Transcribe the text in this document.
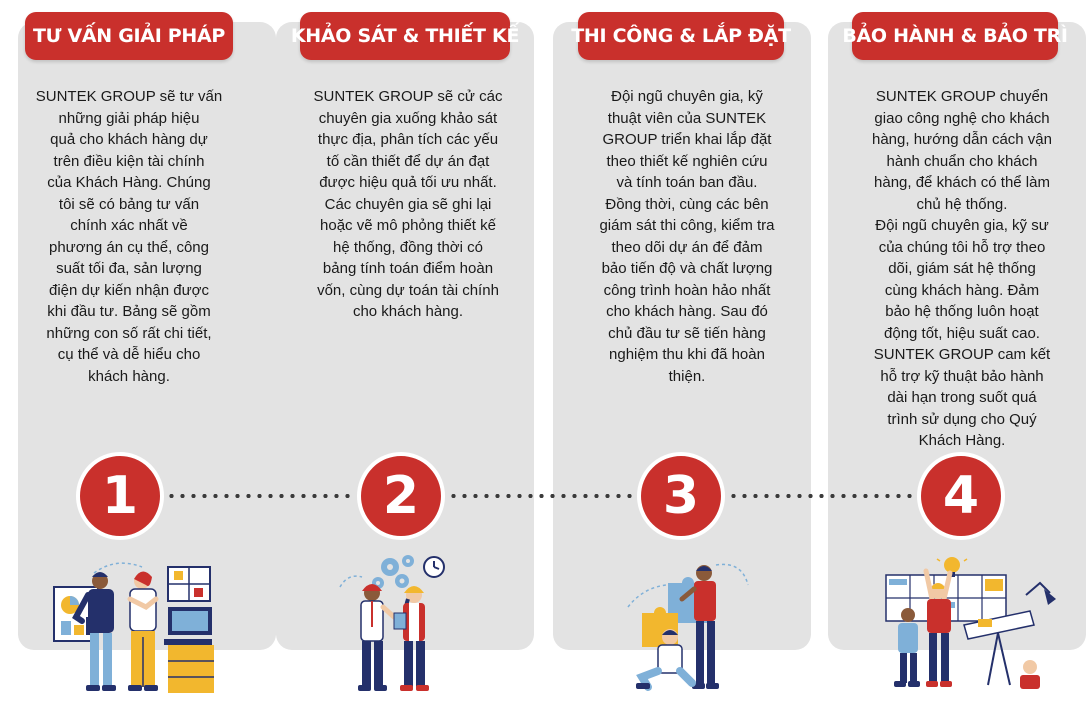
TƯ VẤN GIẢI PHÁP	KHẢO SÁT & THIẾT KẾ	THI CÔNG & LẮP ĐẶT	BẢO HÀNH & BẢO TRÌ
SUNTEK GROUP sẽ tư vấn
những giải pháp hiệu
quả cho khách hàng dự
trên điều kiện tài chính
của Khách Hàng. Chúng
tôi sẽ có bảng tư vấn
chính xác nhất về
phương án cụ thể, công
suất tối đa, sản lượng
điện dự kiến nhận được
khi đầu tư. Bảng sẽ gồm
những con số rất chi tiết,
cụ thể và dễ hiểu cho
khách hàng.
SUNTEK GROUP sẽ cử các
chuyên gia xuống khảo sát
thực địa, phân tích các yếu
tố cần thiết để dự án đạt
được hiệu quả tối ưu nhất.
Các chuyên gia sẽ ghi lại
hoặc vẽ mô phỏng thiết kế
hệ thống, đồng thời có
bảng tính toán điểm hoàn
vốn, cùng dự toán tài chính
cho khách hàng.
Đội ngũ chuyên gia, kỹ
thuật viên của SUNTEK
GROUP triển khai lắp đặt
theo thiết kế nghiên cứu
và tính toán ban đầu.
Đồng thời, cùng các bên
giám sát thi công, kiểm tra
theo dõi dự án để đảm
bảo tiến độ và chất lượng
công trình hoàn hảo nhất
cho khách hàng. Sau đó
chủ đầu tư sẽ tiến hàng
nghiệm thu khi đã hoàn
thiện.
SUNTEK GROUP chuyển
giao công nghệ cho khách
hàng, hướng dẫn cách vận
hành chuẩn cho khách
hàng, để khách có thể làm
chủ hệ thống.
Đội ngũ chuyên gia, kỹ sư
của chúng tôi hỗ trợ theo
dõi, giám sát hệ thống
cùng khách hàng. Đảm
bảo hệ thống luôn hoạt
động tốt, hiệu suất cao.
SUNTEK GROUP cam kết
hỗ trợ kỹ thuật bảo hành
dài hạn trong suốt quá
trình sử dụng cho Quý
Khách Hàng.
1	2	3	4
